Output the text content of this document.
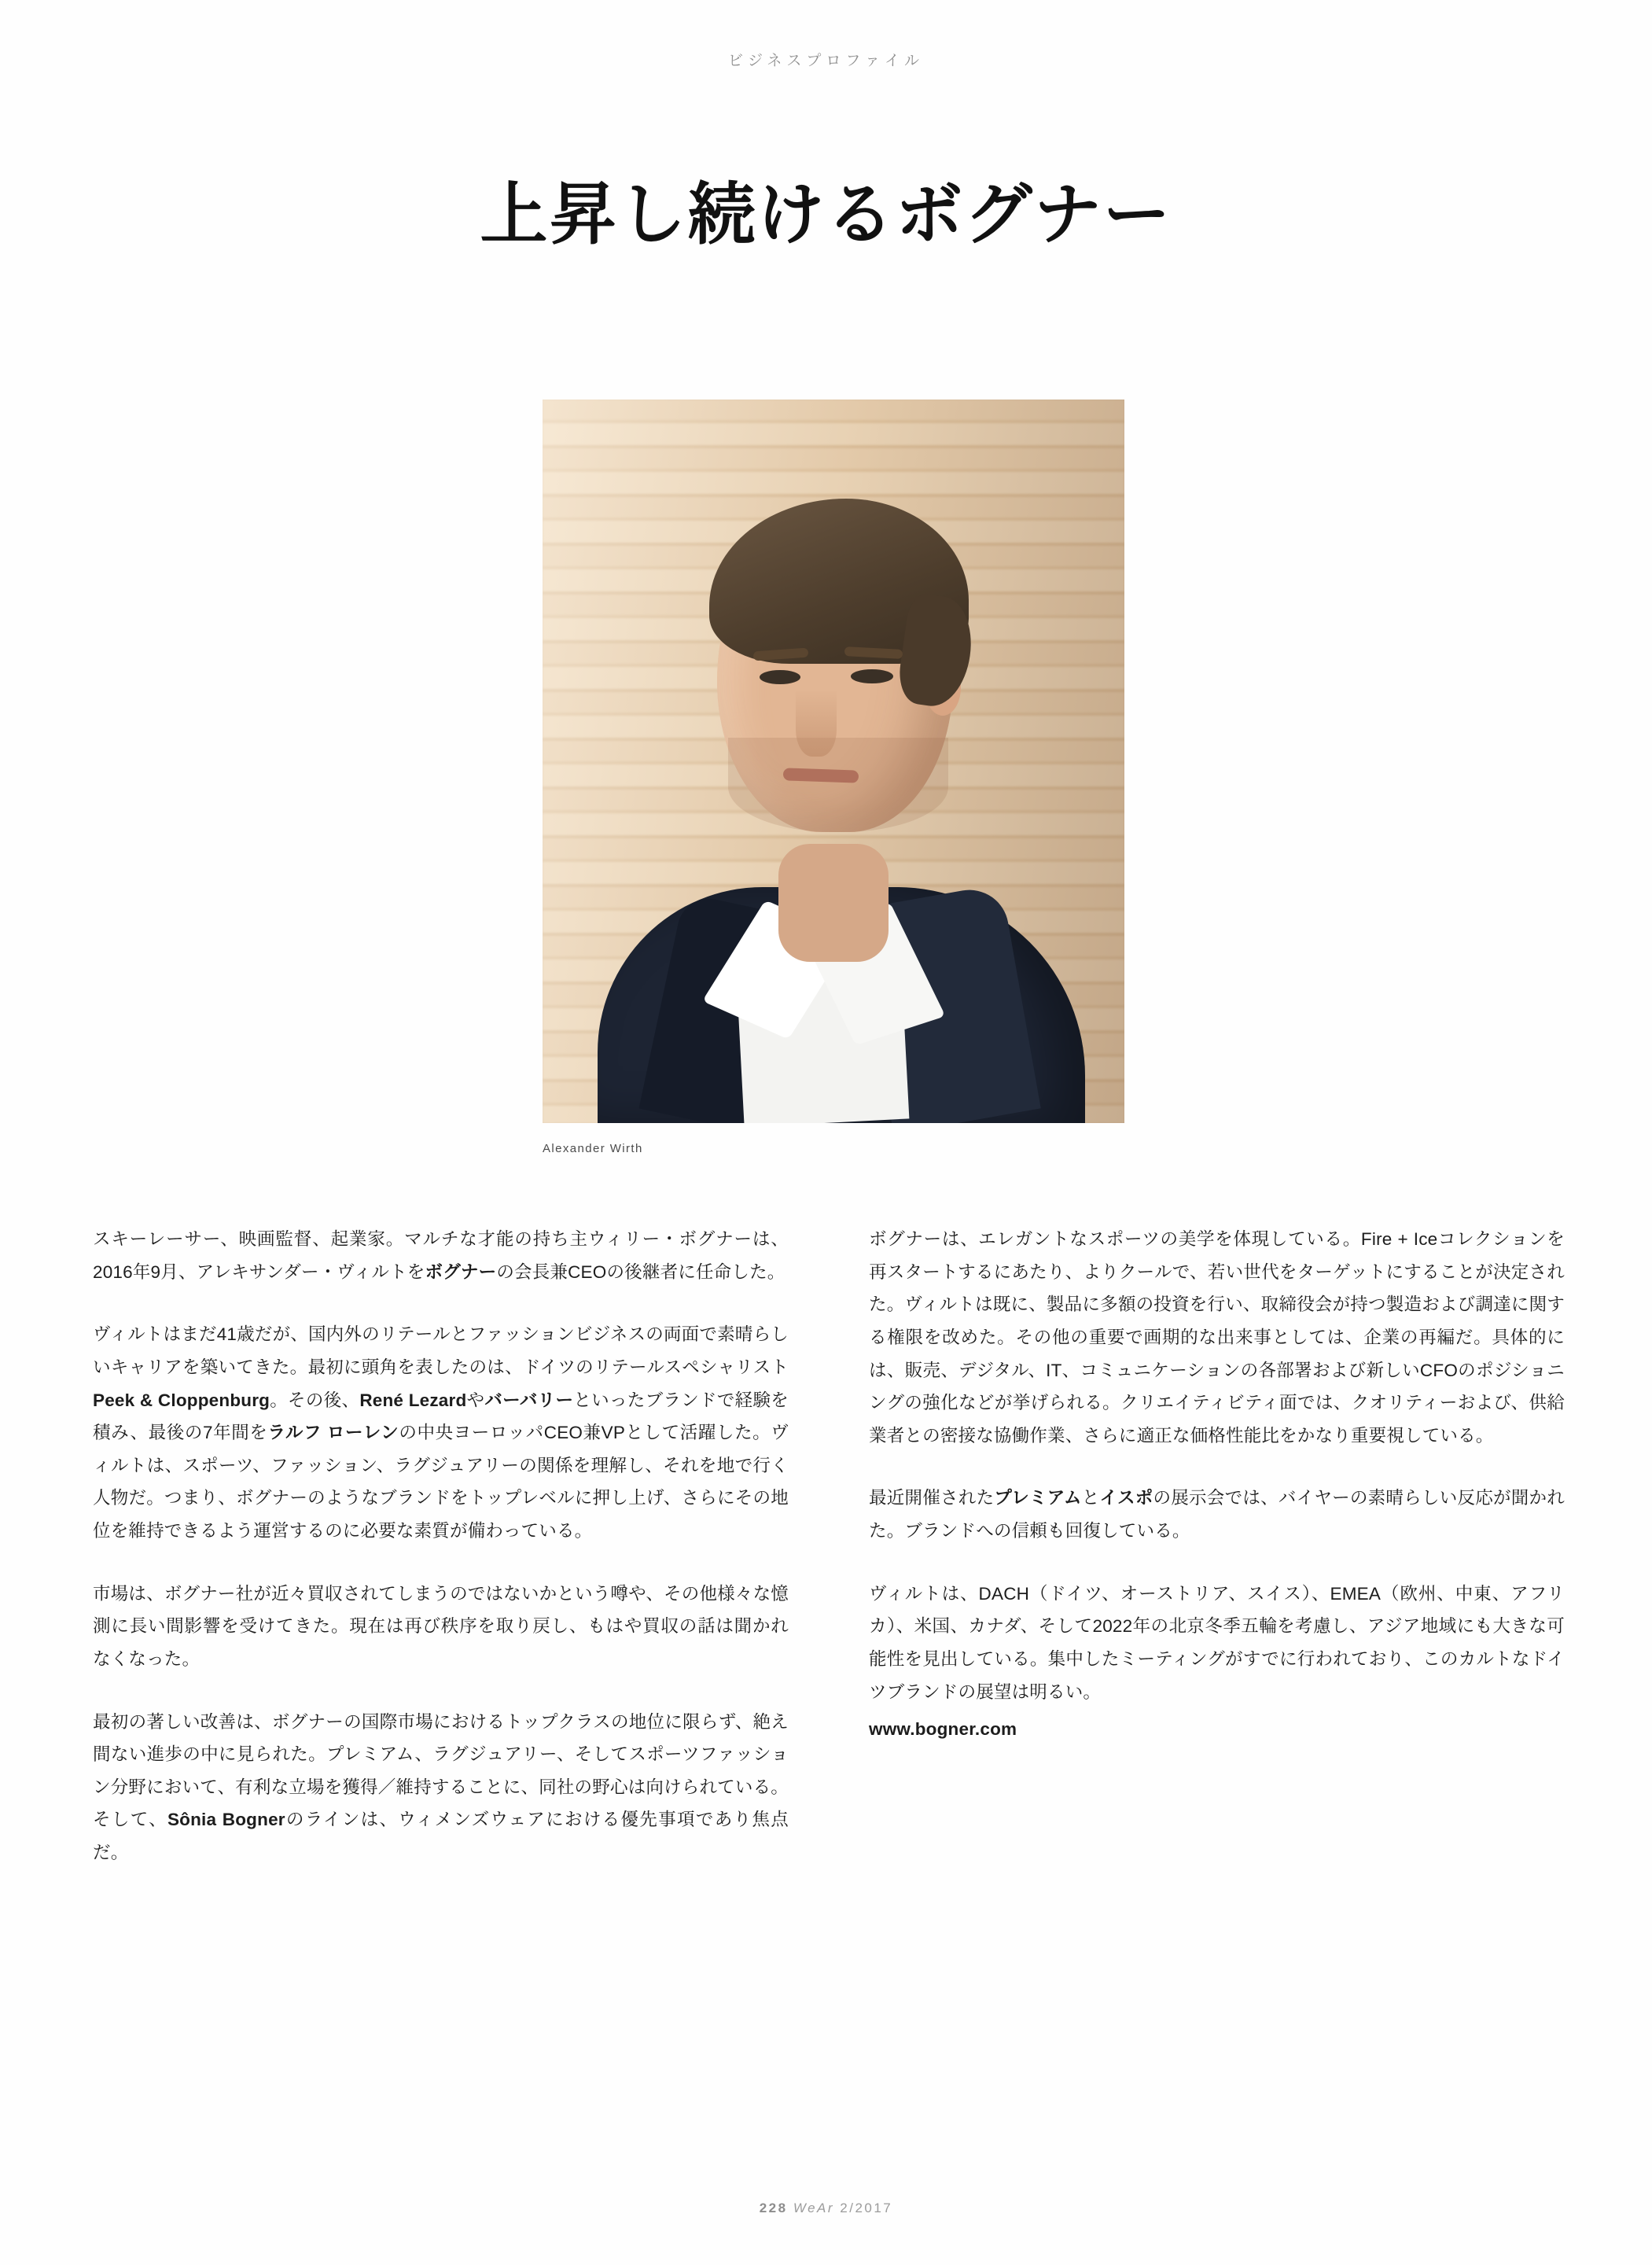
ビジネスプロファイル
上昇し続けるボグナー
Alexander Wirth

スキーレーサー、映画監督、起業家。マルチな才能の持ち主ウィリー・ボグナーは、2016年9月、アレキサンダー・ヴィルトをボグナーの会長兼CEOの後継者に任命した。

ヴィルトはまだ41歳だが、国内外のリテールとファッションビジネスの両面で素晴らしいキャリアを築いてきた。最初に頭角を表したのは、ドイツのリテールスペシャリストPeek & Cloppenburg。その後、René Lezardやバーバリーといったブランドで経験を積み、最後の7年間をラルフ ローレンの中央ヨーロッパCEO兼VPとして活躍した。ヴィルトは、スポーツ、ファッション、ラグジュアリーの関係を理解し、それを地で行く人物だ。つまり、ボグナーのようなブランドをトップレベルに押し上げ、さらにその地位を維持できるよう運営するのに必要な素質が備わっている。

市場は、ボグナー社が近々買収されてしまうのではないかという噂や、その他様々な憶測に長い間影響を受けてきた。現在は再び秩序を取り戻し、もはや買収の話は聞かれなくなった。

最初の著しい改善は、ボグナーの国際市場におけるトップクラスの地位に限らず、絶え間ない進歩の中に見られた。プレミアム、ラグジュアリー、そしてスポーツファッション分野において、有利な立場を獲得／維持することに、同社の野心は向けられている。そして、Sônia Bognerのラインは、ウィメンズウェアにおける優先事項であり焦点だ。

ボグナーは、エレガントなスポーツの美学を体現している。Fire + Iceコレクションを再スタートするにあたり、よりクールで、若い世代をターゲットにすることが決定された。ヴィルトは既に、製品に多額の投資を行い、取締役会が持つ製造および調達に関する権限を改めた。その他の重要で画期的な出来事としては、企業の再編だ。具体的には、販売、デジタル、IT、コミュニケーションの各部署および新しいCFOのポジショニングの強化などが挙げられる。クリエイティビティ面では、クオリティーおよび、供給業者との密接な協働作業、さらに適正な価格性能比をかなり重要視している。

最近開催されたプレミアムとイスポの展示会では、バイヤーの素晴らしい反応が聞かれた。ブランドへの信頼も回復している。

ヴィルトは、DACH（ドイツ、オーストリア、スイス）、EMEA（欧州、中東、アフリカ）、米国、カナダ、そして2022年の北京冬季五輪を考慮し、アジア地域にも大きな可能性を見出している。集中したミーティングがすでに行われており、このカルトなドイツブランドの展望は明るい。
www.bogner.com

228 WeAr 2/2017
